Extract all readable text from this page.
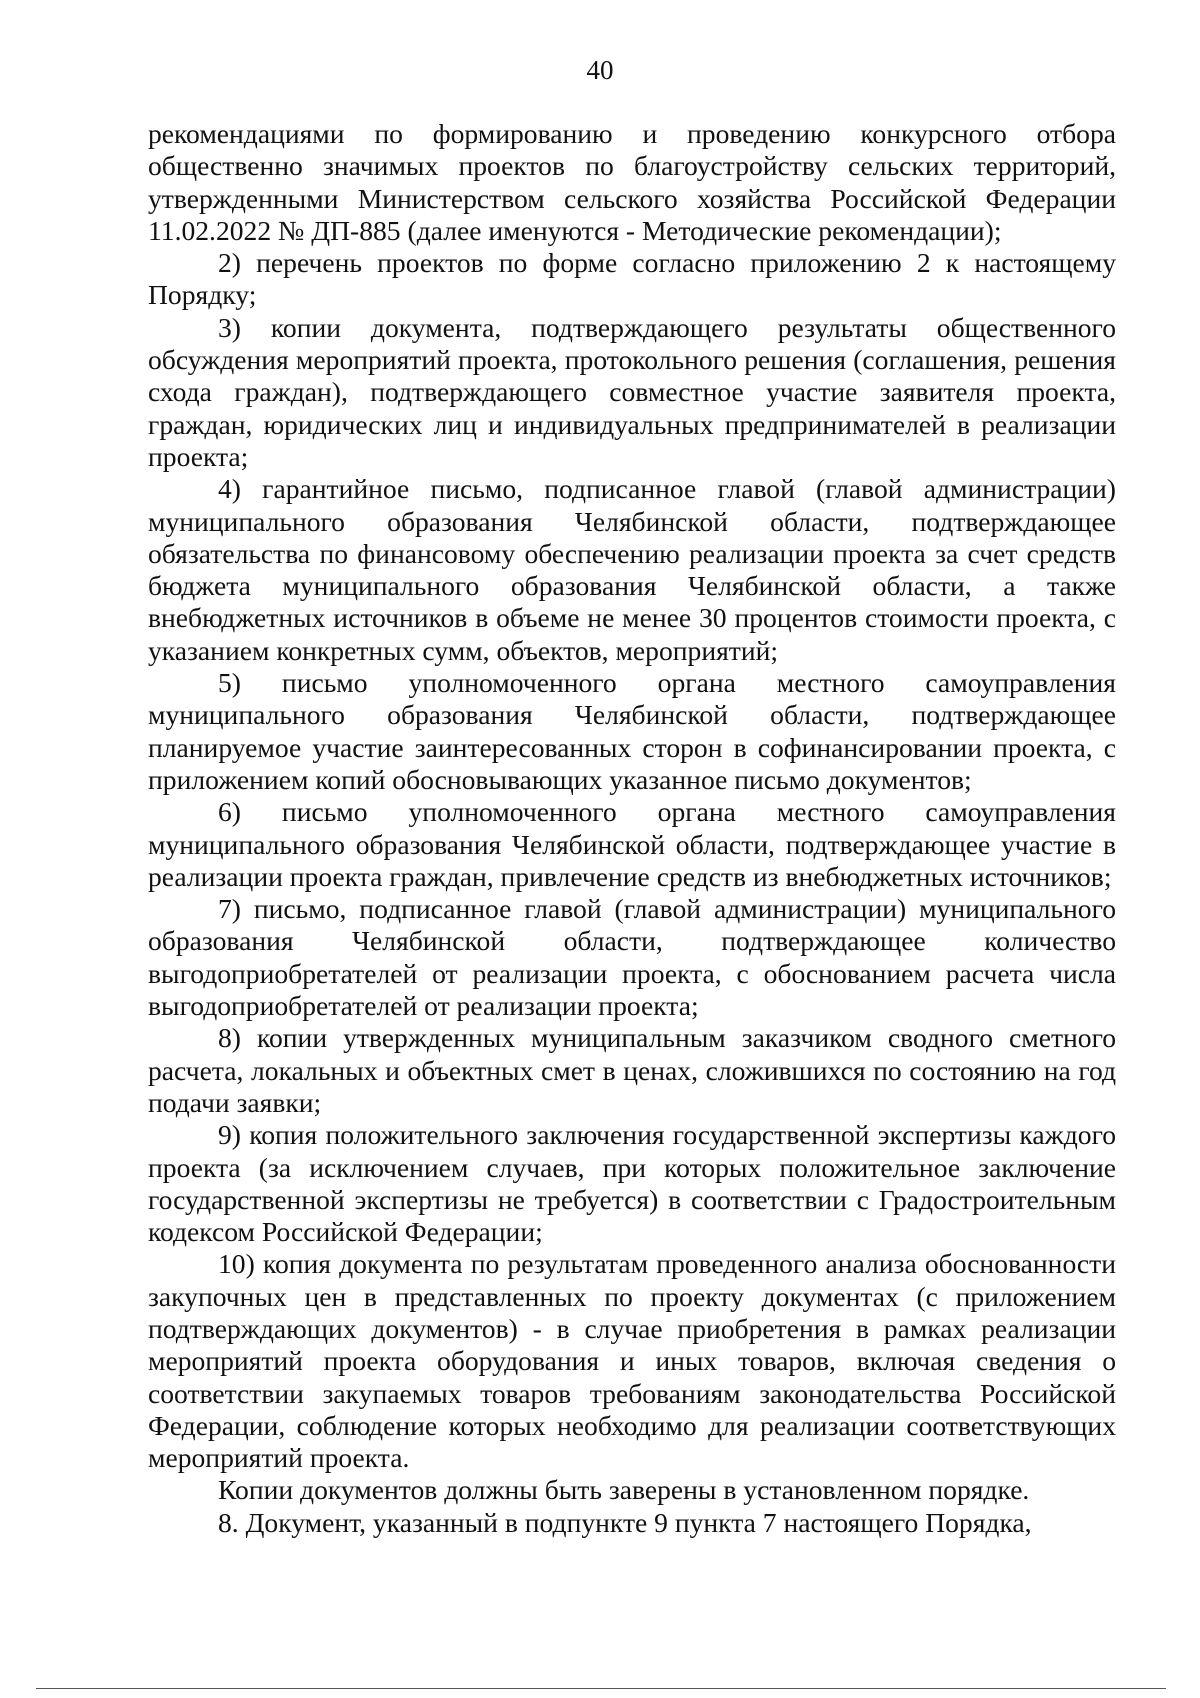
40

рекомендациями по формированию и проведению конкурсного отбора общественно значимых проектов по благоустройству сельских территорий, утвержденными Министерством сельского хозяйства Российской Федерации 11.02.2022 № ДП-885 (далее именуются - Методические рекомендации);

2) перечень проектов по форме согласно приложению 2 к настоящему Порядку;

3) копии документа, подтверждающего результаты общественного обсуждения мероприятий проекта, протокольного решения (соглашения, решения схода граждан), подтверждающего совместное участие заявителя проекта, граждан, юридических лиц и индивидуальных предпринимателей в реализации проекта;

4) гарантийное письмо, подписанное главой (главой администрации) муниципального образования Челябинской области, подтверждающее обязательства по финансовому обеспечению реализации проекта за счет средств бюджета муниципального образования Челябинской области, а также внебюджетных источников в объеме не менее 30 процентов стоимости проекта, с указанием конкретных сумм, объектов, мероприятий;

5) письмо уполномоченного органа местного самоуправления муниципального образования Челябинской области, подтверждающее планируемое участие заинтересованных сторон в софинансировании проекта, с приложением копий обосновывающих указанное письмо документов;

6) письмо уполномоченного органа местного самоуправления муниципального образования Челябинской области, подтверждающее участие в реализации проекта граждан, привлечение средств из внебюджетных источников;

7) письмо, подписанное главой (главой администрации) муниципального образования Челябинской области, подтверждающее количество выгодоприобретателей от реализации проекта, с обоснованием расчета числа выгодоприобретателей от реализации проекта;

8) копии утвержденных муниципальным заказчиком сводного сметного расчета, локальных и объектных смет в ценах, сложившихся по состоянию на год подачи заявки;

9) копия положительного заключения государственной экспертизы каждого проекта (за исключением случаев, при которых положительное заключение государственной экспертизы не требуется) в соответствии с Градостроительным кодексом Российской Федерации;

10) копия документа по результатам проведенного анализа обоснованности закупочных цен в представленных по проекту документах (с приложением подтверждающих документов) - в случае приобретения в рамках реализации мероприятий проекта оборудования и иных товаров, включая сведения о соответствии закупаемых товаров требованиям законодательства Российской Федерации, соблюдение которых необходимо для реализации соответствующих мероприятий проекта.

Копии документов должны быть заверены в установленном порядке.

8. Документ, указанный в подпункте 9 пункта 7 настоящего Порядка,
